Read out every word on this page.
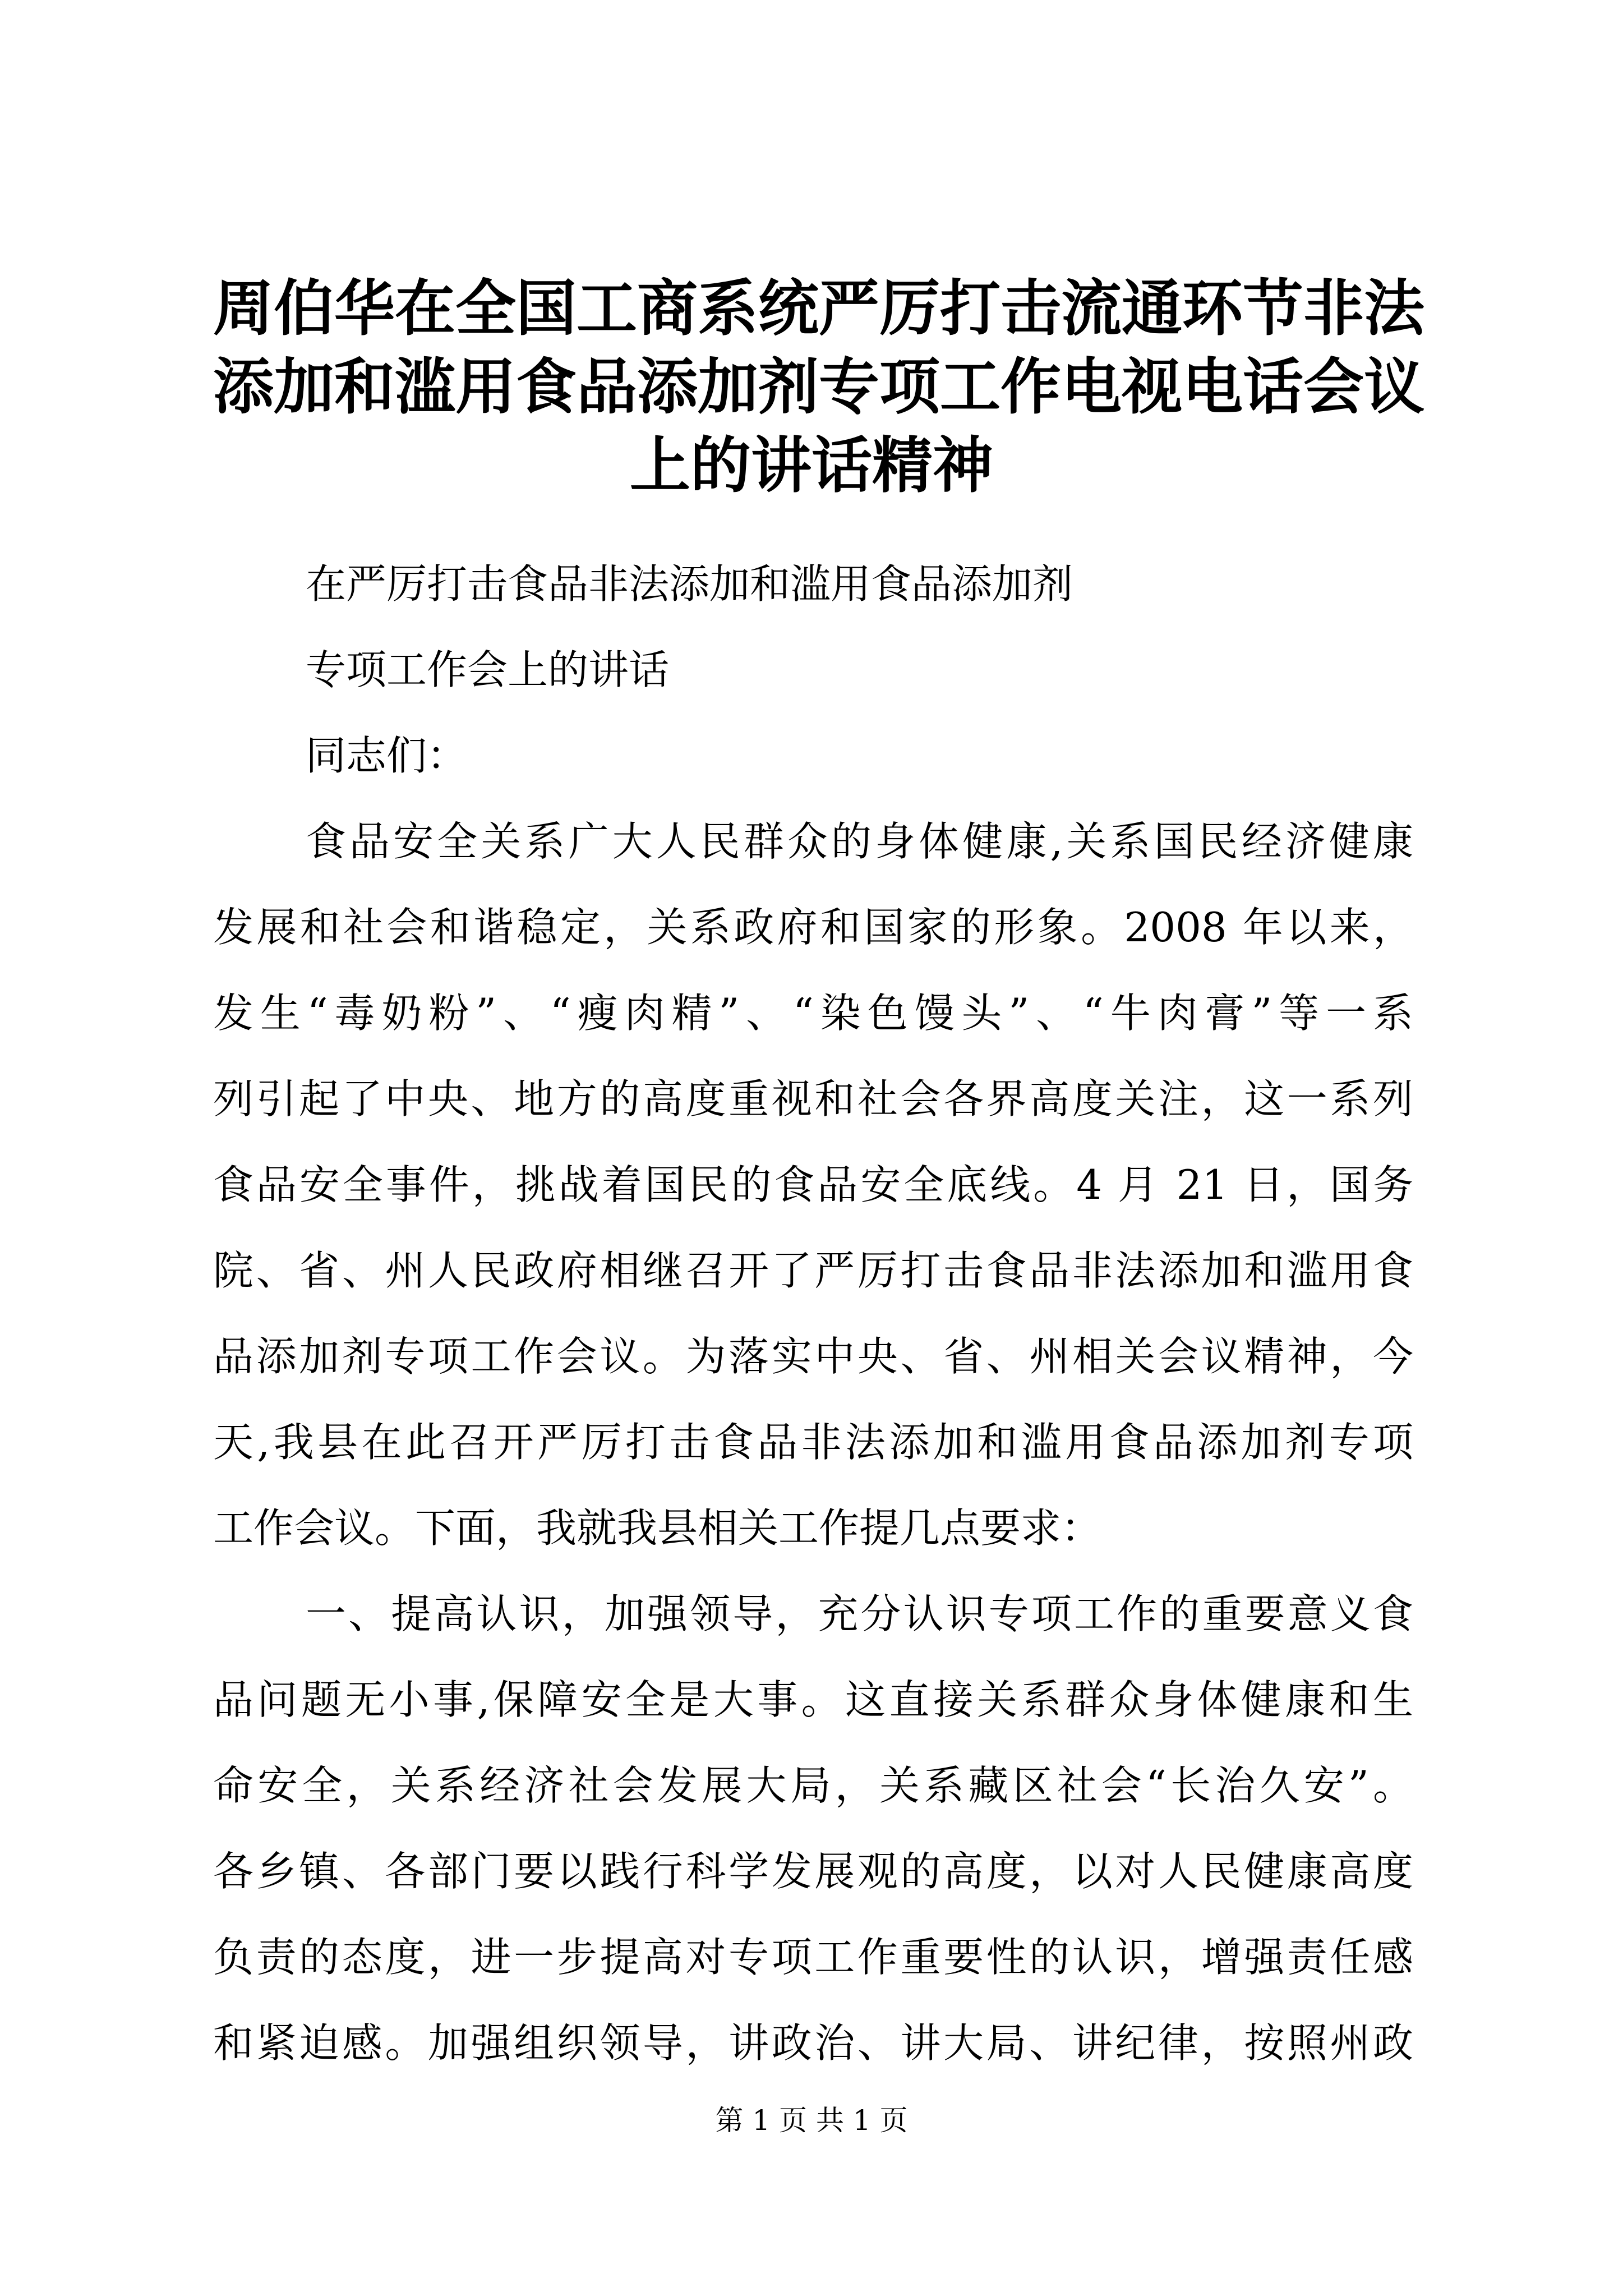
周伯华在全国工商系统严厉打击流通环节非法
添加和滥用食品添加剂专项工作电视电话会议
上的讲话精神
在严厉打击食品非法添加和滥用食品添加剂
专项工作会上的讲话
同志们：
食品安全关系广大人民群众的身体健康,关系国民经济健康
发展和社会和谐稳定，关系政府和国家的形象。2008 年以来，
发生“毒奶粉”、“瘦肉精”、“染色馒头”、“牛肉膏”等一系
列引起了中央、地方的高度重视和社会各界高度关注，这一系列
食品安全事件，挑战着国民的食品安全底线。4 月 21 日，国务
院、省、州人民政府相继召开了严厉打击食品非法添加和滥用食
品添加剂专项工作会议。为落实中央、省、州相关会议精神，今
天,我县在此召开严厉打击食品非法添加和滥用食品添加剂专项
工作会议。下面，我就我县相关工作提几点要求：
一、提高认识，加强领导，充分认识专项工作的重要意义食
品问题无小事,保障安全是大事。这直接关系群众身体健康和生
命安全，关系经济社会发展大局，关系藏区社会“长治久安”。
各乡镇、各部门要以践行科学发展观的高度，以对人民健康高度
负责的态度，进一步提高对专项工作重要性的认识，增强责任感
和紧迫感。加强组织领导，讲政治、讲大局、讲纪律，按照州政
第 1 页 共 1 页
